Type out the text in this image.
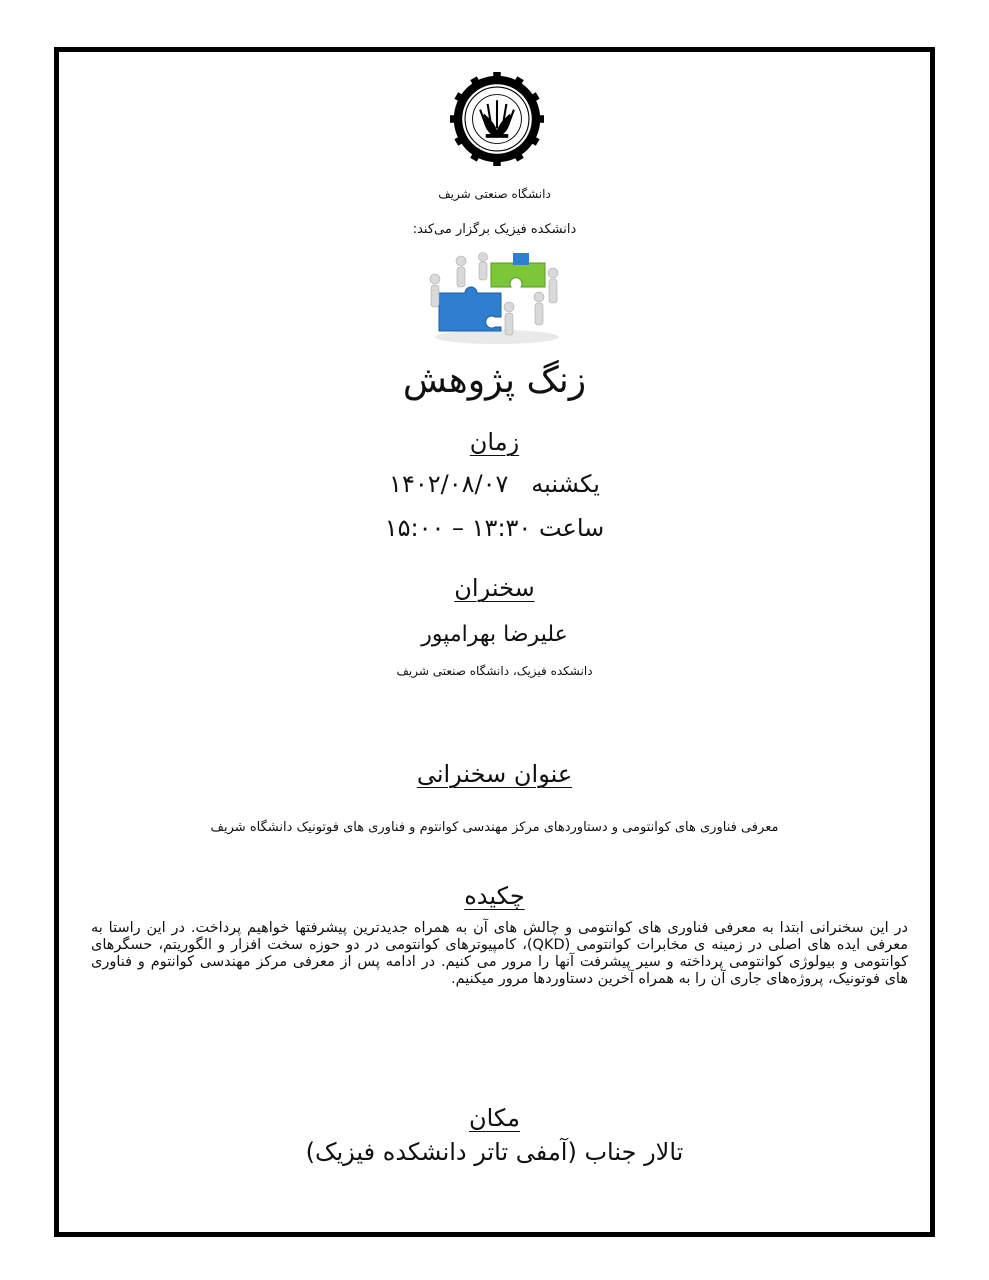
دانشگاه صنعتی شریف
دانشکده فیزیک برگزار می‌کند:
زنگ پژوهش
زمان
یکشنبه   ۱۴۰۲/۰۸/۰۷
ساعت ۱۳:۳۰ – ۱۵:۰۰
سخنران
علیرضا بهرامپور
دانشکده فیزیک، دانشگاه صنعتی شریف
عنوان سخنرانی
معرفی فناوری های کوانتومی و دستاوردهای مرکز مهندسی کوانتوم و فناوری های فوتونیک دانشگاه شریف
چکیده
در این سخنرانی ابتدا به معرفی فناوری های کوانتومی و چالش های آن به همراه جدیدترین پیشرفتها خواهیم پرداخت. در این راستا به معرفی ایده های اصلی در زمینه ی مخابرات کوانتومی (QKD)، کامپیوترهای کوانتومی در دو حوزه سخت افزار و الگوریتم، حسگرهای کوانتومی و بیولوژی کوانتومی پرداخته و سیر پیشرفت آنها را مرور می کنیم. در ادامه پس از معرفی مرکز مهندسی کوانتوم و فناوری های فوتونیک، پروژه‌های جاری آن را به همراه آخرین دستاوردها مرور میکنیم.
مکان
تالار جناب (آمفی تاتر دانشکده فیزیک)
